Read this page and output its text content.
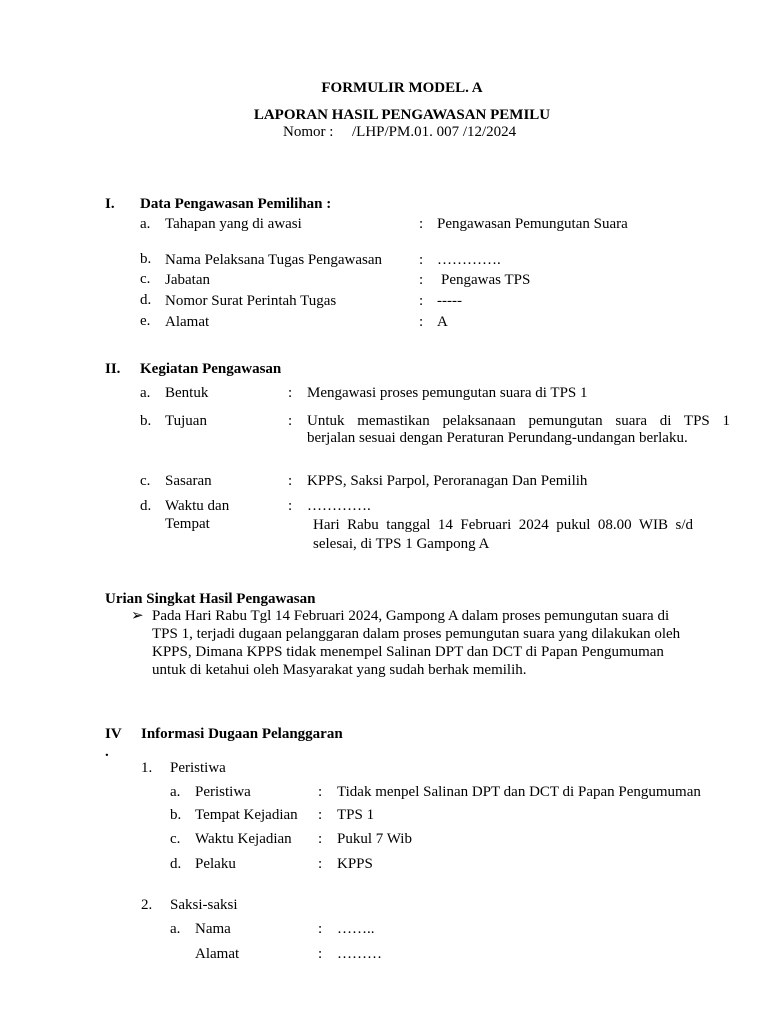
FORMULIR MODEL. A
LAPORAN HASIL PENGAWASAN PEMILU
Nomor : /LHP/PM.01. 007 /12/2024
I. Data Pengawasan Pemilihan :
a. Tahapan yang di awasi	: Pengawasan Pemungutan Suara
b. Nama Pelaksana Tugas Pengawasan : ………….
c. Jabatan	: Pengawas TPS
d. Nomor Surat Perintah Tugas	: -----
e. Alamat	: A
II. Kegiatan Pengawasan
a. Bentuk	: Mengawasi proses pemungutan suara di TPS 1
b. Tujuan	: Untuk memastikan pelaksanaan pemungutan suara di TPS 1
berjalan sesuai dengan Peraturan Perundang-undangan berlaku.
c. Sasaran	: KPPS, Saksi Parpol, Peroranagan Dan Pemilih
d. Waktu dan
Tempat
: ………….
Hari Rabu tanggal 14 Februari 2024 pukul 08.00 WIB s/d
selesai, di TPS 1 Gampong A
Urian Singkat Hasil Pengawasan
➢ Pada Hari Rabu Tgl 14 Februari 2024, Gampong A dalam proses pemungutan suara di
TPS 1, terjadi dugaan pelanggaran dalam proses pemungutan suara yang dilakukan oleh
KPPS, Dimana KPPS tidak menempel Salinan DPT dan DCT di Papan Pengumuman
untuk di ketahui oleh Masyarakat yang sudah berhak memilih.
IV
.
Informasi Dugaan Pelanggaran
1. Peristiwa
a. Peristiwa	: Tidak menpel Salinan DPT dan DCT di Papan Pengumuman
b. Tempat Kejadian : TPS 1
c. Waktu Kejadian : Pukul 7 Wib
d. Pelaku	: KPPS
2. Saksi-saksi
a. Nama	: ……..
Alamat	: ………
